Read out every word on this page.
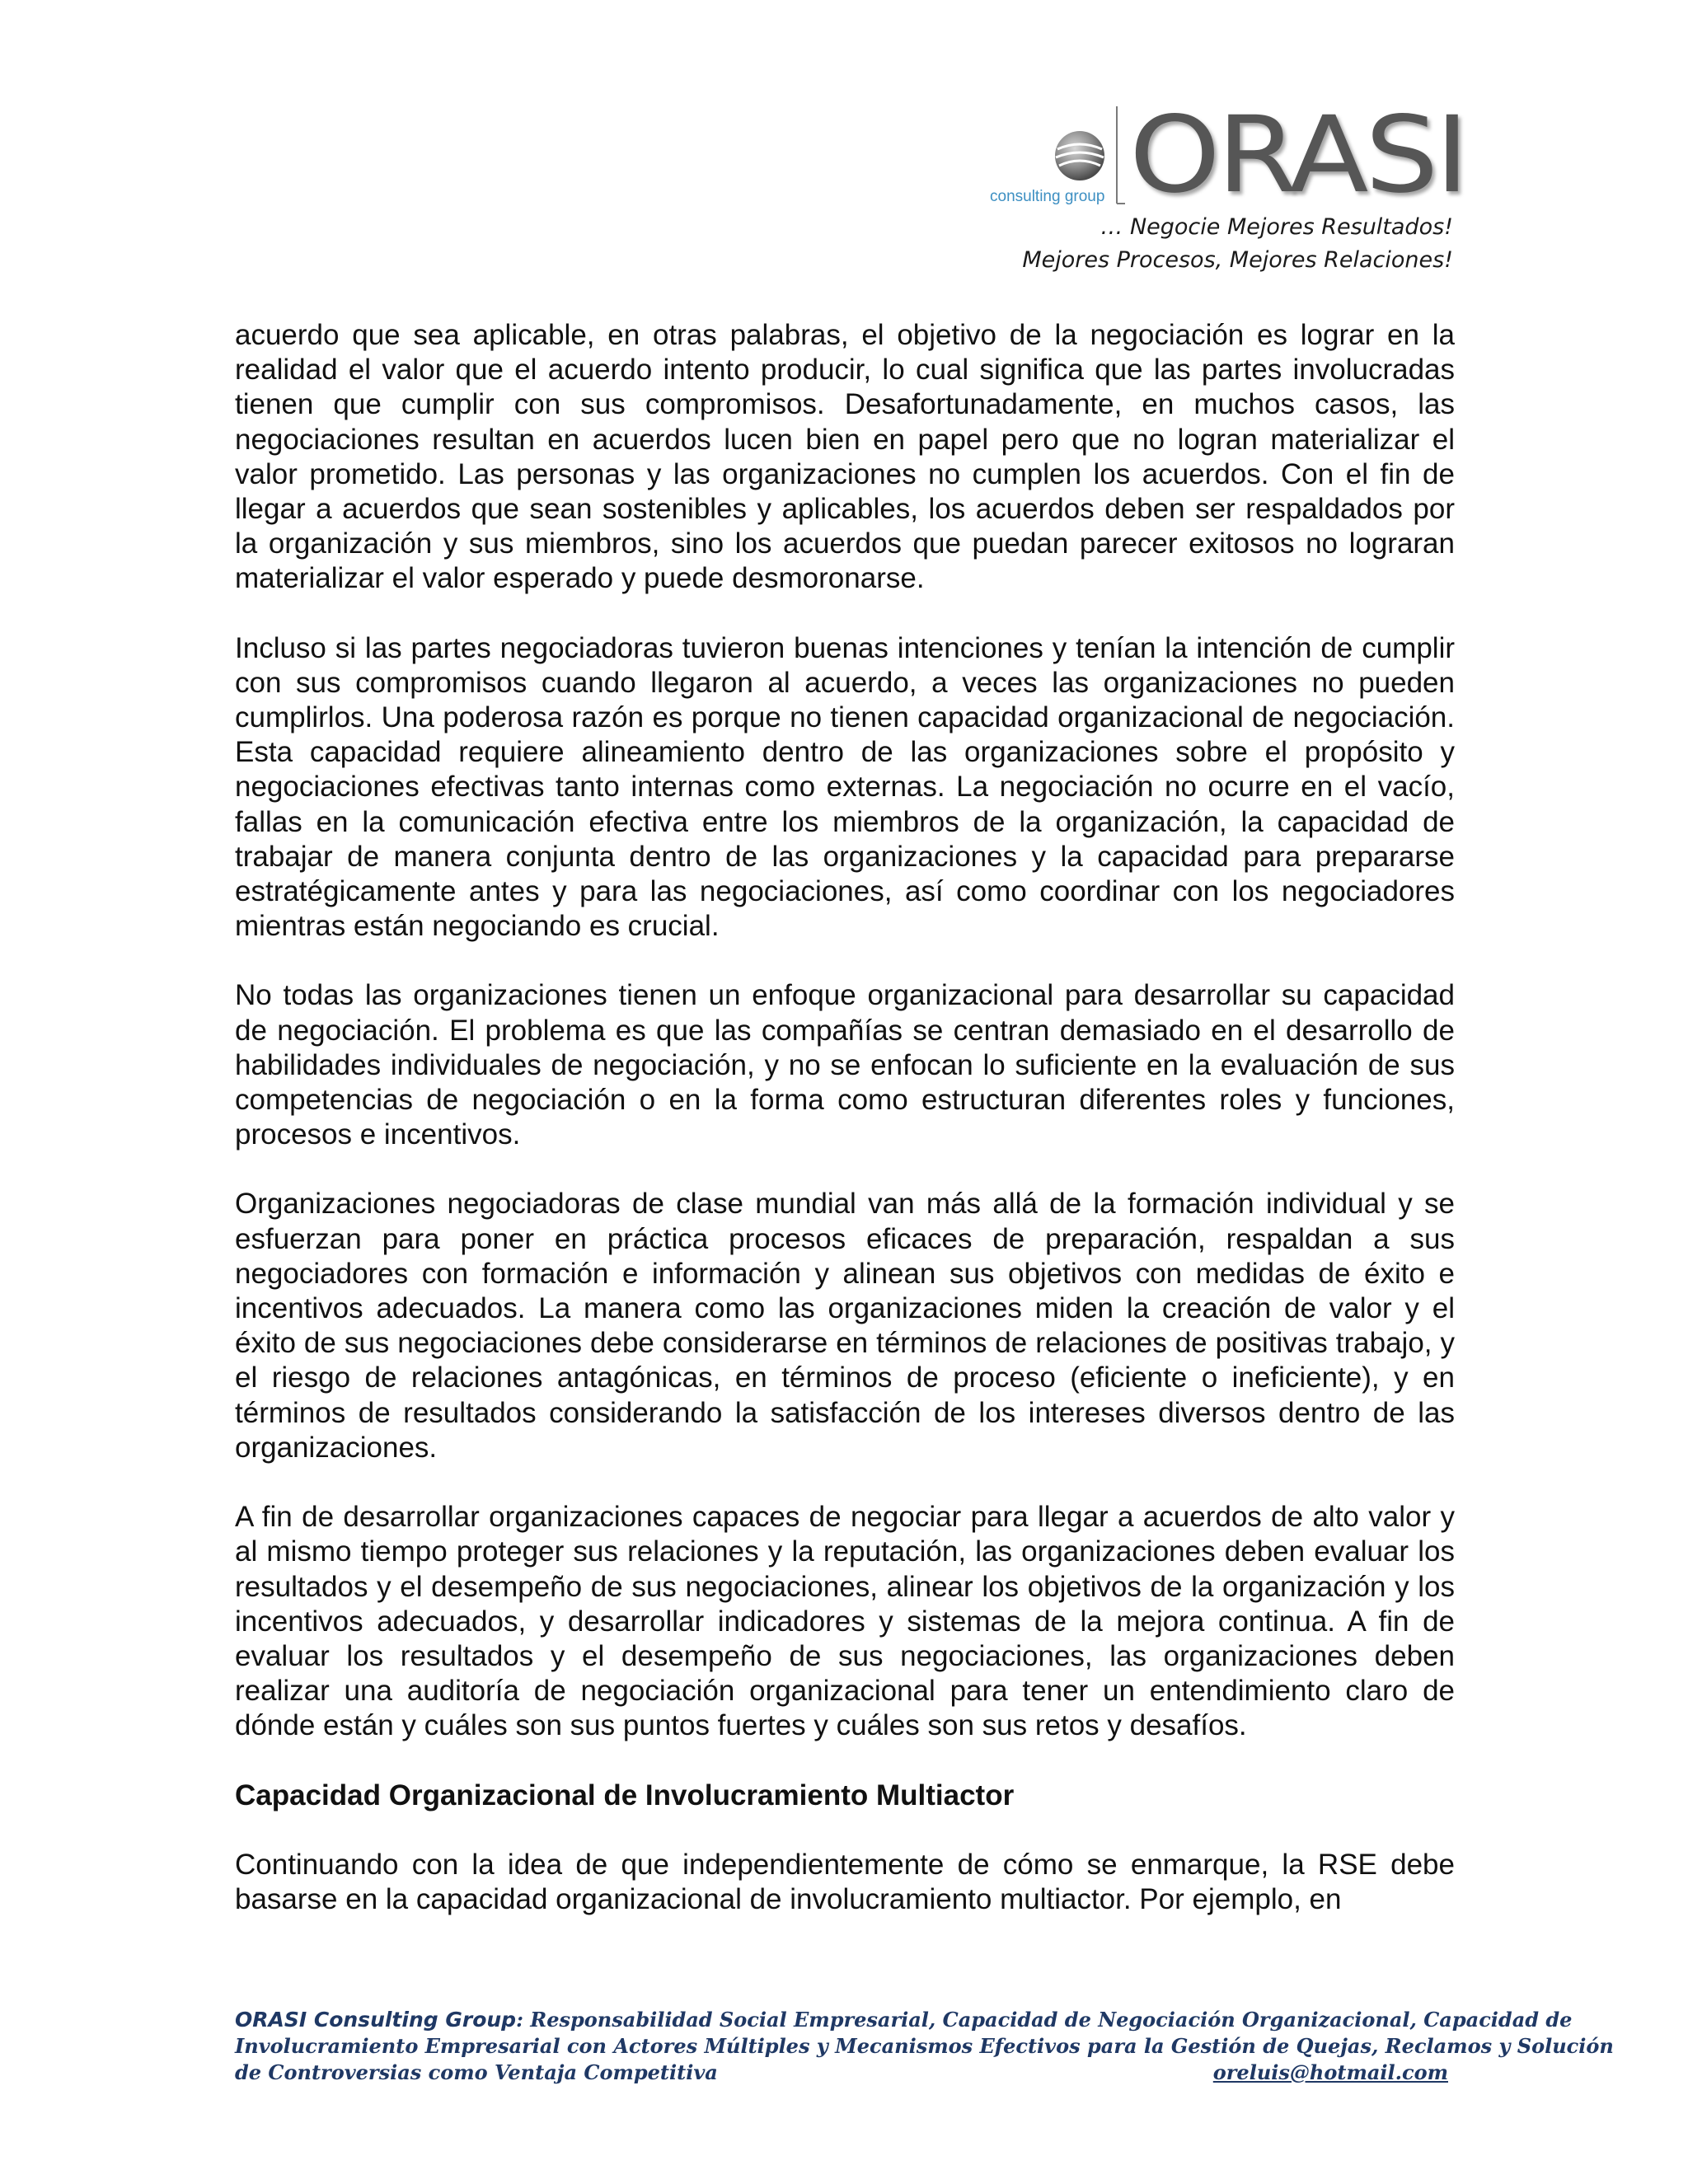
ORASI
consulting group
… Negocie Mejores Resultados!
Mejores Procesos, Mejores Relaciones!

acuerdo que sea aplicable, en otras palabras, el objetivo de la negociación es lograr en la realidad el valor que el acuerdo intento producir, lo cual significa que las partes involucradas tienen que cumplir con sus compromisos. Desafortunadamente, en muchos casos, las negociaciones resultan en acuerdos lucen bien en papel pero que no logran materializar el valor prometido. Las personas y las organizaciones no cumplen los acuerdos. Con el fin de llegar a acuerdos que sean sostenibles y aplicables, los acuerdos deben ser respaldados por la organización y sus miembros, sino los acuerdos que puedan parecer exitosos no lograran materializar el valor esperado y puede desmoronarse.

Incluso si las partes negociadoras tuvieron buenas intenciones y tenían la intención de cumplir con sus compromisos cuando llegaron al acuerdo, a veces las organizaciones no pueden cumplirlos. Una poderosa razón es porque no tienen capacidad organizacional de negociación. Esta capacidad requiere alineamiento dentro de las organizaciones sobre el propósito y negociaciones efectivas tanto internas como externas. La negociación no ocurre en el vacío, fallas en la comunicación efectiva entre los miembros de la organización, la capacidad de trabajar de manera conjunta dentro de las organizaciones y la capacidad para prepararse estratégicamente antes y para las negociaciones, así como coordinar con los negociadores mientras están negociando es crucial.

No todas las organizaciones tienen un enfoque organizacional para desarrollar su capacidad de negociación. El problema es que las compañías se centran demasiado en el desarrollo de habilidades individuales de negociación, y no se enfocan lo suficiente en la evaluación de sus competencias de negociación o en la forma como estructuran diferentes roles y funciones, procesos e incentivos.

Organizaciones negociadoras de clase mundial van más allá de la formación individual y se esfuerzan para poner en práctica procesos eficaces de preparación, respaldan a sus negociadores con formación e información y alinean sus objetivos con medidas de éxito e incentivos adecuados. La manera como las organizaciones miden la creación de valor y el éxito de sus negociaciones debe considerarse en términos de relaciones de positivas trabajo, y el riesgo de relaciones antagónicas, en términos de proceso (eficiente o ineficiente), y en términos de resultados considerando la satisfacción de los intereses diversos dentro de las organizaciones.

A fin de desarrollar organizaciones capaces de negociar para llegar a acuerdos de alto valor y al mismo tiempo proteger sus relaciones y la reputación, las organizaciones deben evaluar los resultados y el desempeño de sus negociaciones, alinear los objetivos de la organización y los incentivos adecuados, y desarrollar indicadores y sistemas de la mejora continua. A fin de evaluar los resultados y el desempeño de sus negociaciones, las organizaciones deben realizar una auditoría de negociación organizacional para tener un entendimiento claro de dónde están y cuáles son sus puntos fuertes y cuáles son sus retos y desafíos.

Capacidad Organizacional de Involucramiento Multiactor

Continuando con la idea de que independientemente de cómo se enmarque, la RSE debe basarse en la capacidad organizacional de involucramiento multiactor. Por ejemplo, en

ORASI Consulting Group: Responsabilidad Social Empresarial, Capacidad de Negociación Organizacional, Capacidad de
Involucramiento Empresarial con Actores Múltiples y Mecanismos Efectivos para la Gestión de Quejas, Reclamos y Solución
de Controversias como Ventaja Competitiva	oreluis@hotmail.com
